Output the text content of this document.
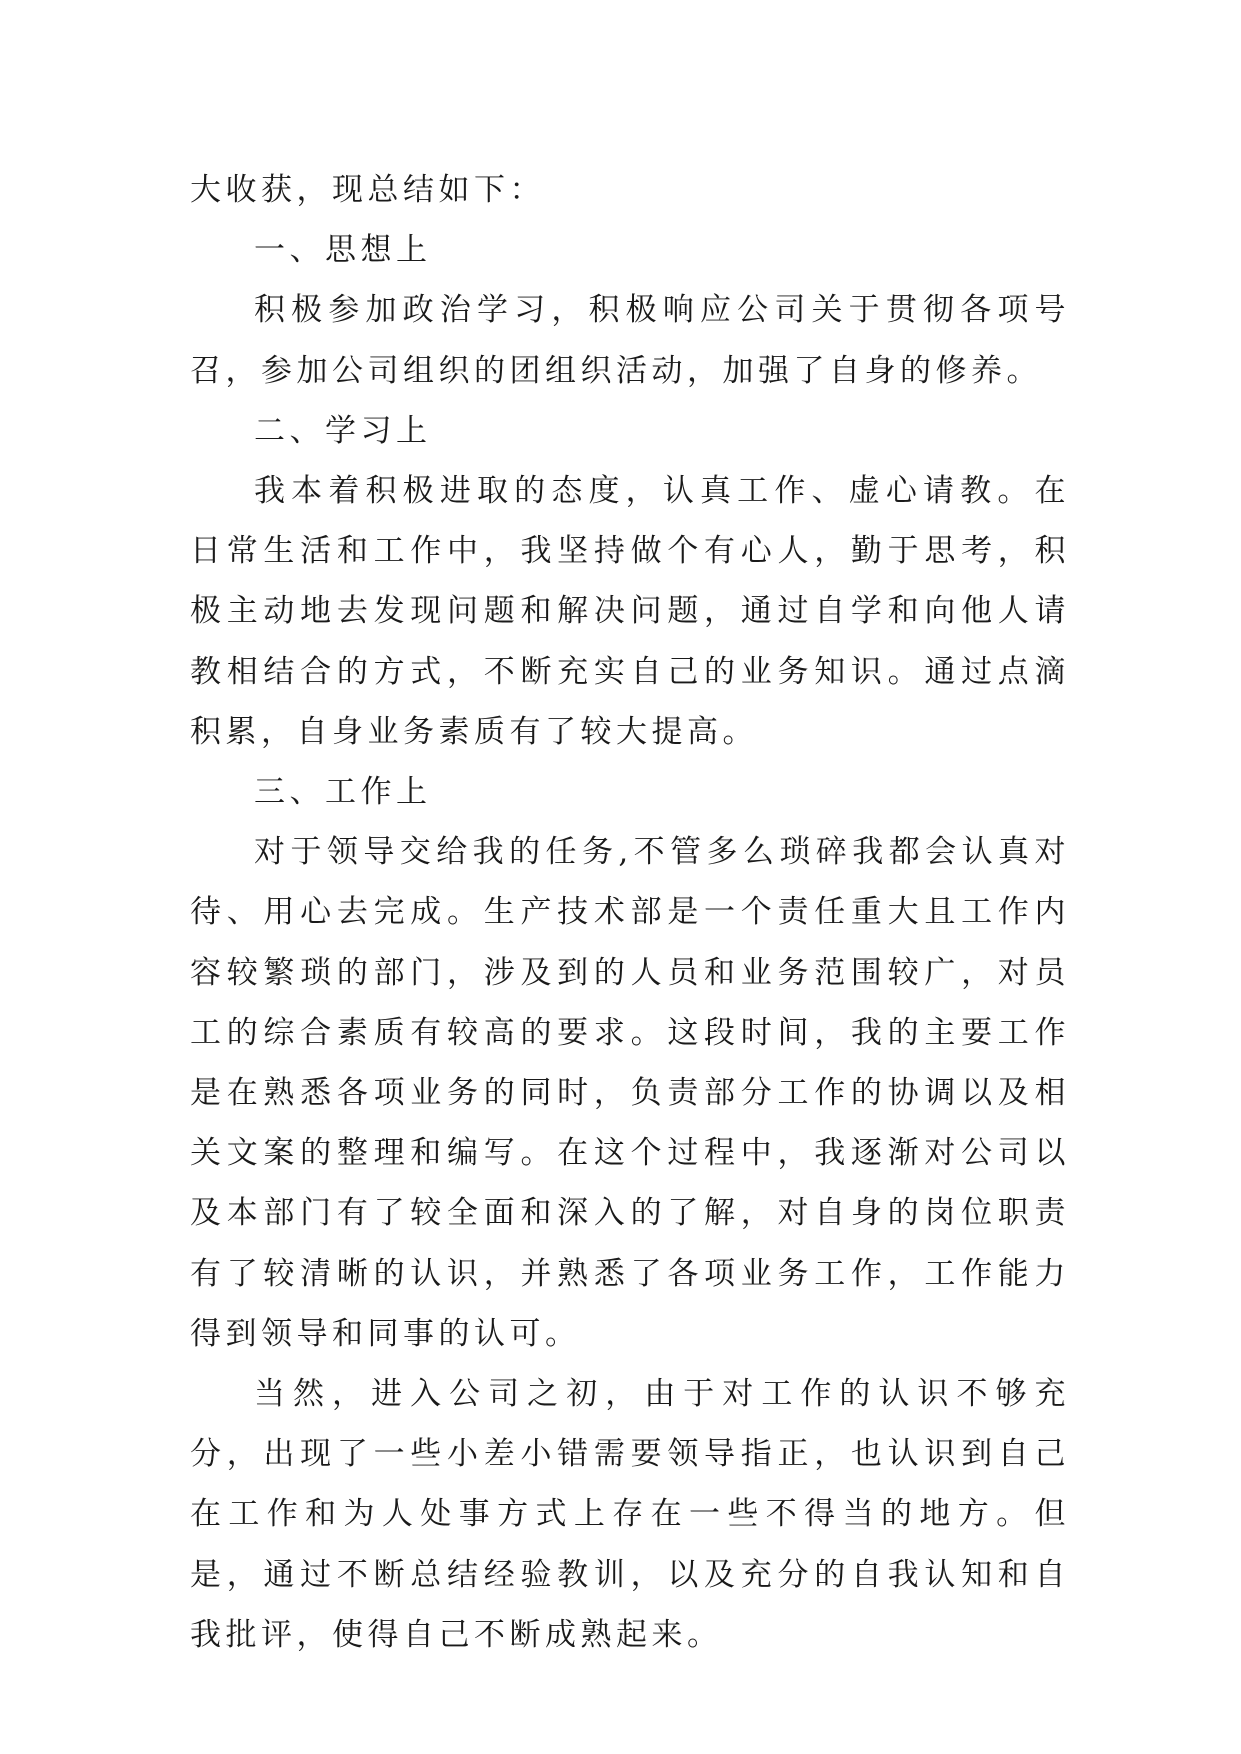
大收获，现总结如下：

一、思想上

积极参加政治学习，积极响应公司关于贯彻各项号召，参加公司组织的团组织活动，加强了自身的修养。

二、学习上

我本着积极进取的态度，认真工作、虚心请教。在日常生活和工作中，我坚持做个有心人，勤于思考，积极主动地去发现问题和解决问题，通过自学和向他人请教相结合的方式，不断充实自己的业务知识。通过点滴积累，自身业务素质有了较大提高。

三、工作上

对于领导交给我的任务,不管多么琐碎我都会认真对待、用心去完成。生产技术部是一个责任重大且工作内容较繁琐的部门，涉及到的人员和业务范围较广，对员工的综合素质有较高的要求。这段时间，我的主要工作是在熟悉各项业务的同时，负责部分工作的协调以及相关文案的整理和编写。在这个过程中，我逐渐对公司以及本部门有了较全面和深入的了解，对自身的岗位职责有了较清晰的认识，并熟悉了各项业务工作，工作能力得到领导和同事的认可。

当然，进入公司之初，由于对工作的认识不够充分，出现了一些小差小错需要领导指正，也认识到自己在工作和为人处事方式上存在一些不得当的地方。但是，通过不断总结经验教训，以及充分的自我认知和自我批评，使得自己不断成熟起来。
